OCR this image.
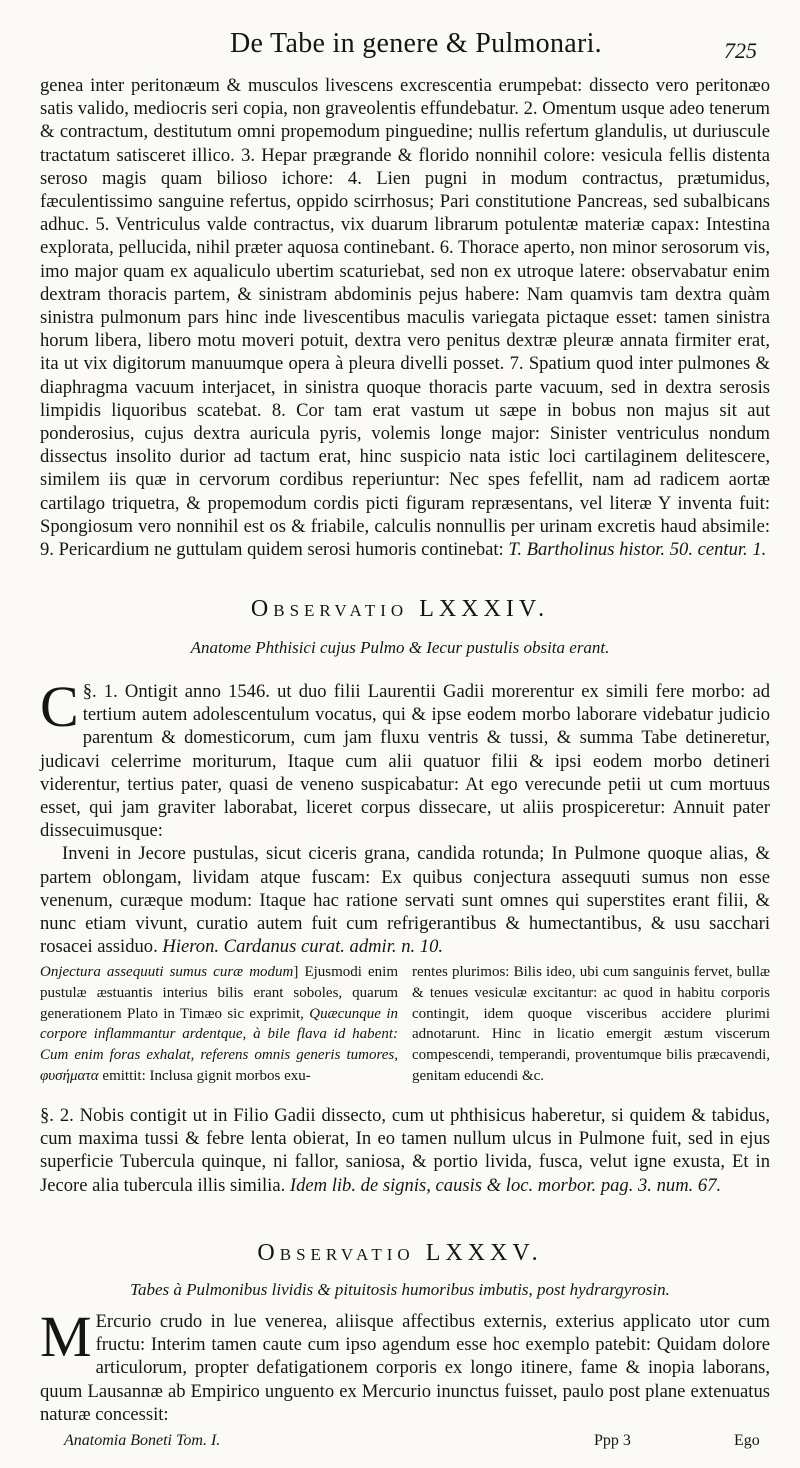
De Tabe in genere & Pulmonari.	725

genea inter peritonæum & musculos livescens excrescentia erumpebat: dissecto vero peritonæo satis valido, mediocris seri copia, non graveolentis effundebatur. 2. Omentum usque adeo tenerum & contractum, destitutum omni propemodum pinguedine; nullis refertum glandulis, ut duriuscule tractatum satisceret illico. 3. Hepar prægrande & florido nonnihil colore: vesicula fellis distenta seroso magis quam bilioso ichore: 4. Lien pugni in modum contractus, prætumidus, fæculentissimo sanguine refertus, oppido scirrhosus; Pari constitutione Pancreas, sed subalbicans adhuc. 5. Ventriculus valde contractus, vix duarum librarum potulentæ materiæ capax: Intestina explorata, pellucida, nihil præter aquosa continebant. 6. Thorace aperto, non minor serosorum vis, imo major quam ex aqualiculo ubertim scaturiebat, sed non ex utroque latere: observabatur enim dextram thoracis partem, & sinistram abdominis pejus habere: Nam quamvis tam dextra quàm sinistra pulmonum pars hinc inde livescentibus maculis variegata pictaque esset: tamen sinistra horum libera, libero motu moveri potuit, dextra vero penitus dextræ pleuræ annata firmiter erat, ita ut vix digitorum manuumque opera à pleura divelli posset. 7. Spatium quod inter pulmones & diaphragma vacuum interjacet, in sinistra quoque thoracis parte vacuum, sed in dextra serosis limpidis liquoribus scatebat. 8. Cor tam erat vastum ut sæpe in bobus non majus sit aut ponderosius, cujus dextra auricula pyris, volemis longe major: Sinister ventriculus nondum dissectus insolito durior ad tactum erat, hinc suspicio nata istic loci cartilaginem delitescere, similem iis quæ in cervorum cordibus reperiuntur: Nec spes fefellit, nam ad radicem aortæ cartilago triquetra, & propemodum cordis picti figuram repræsentans, vel literæ Y inventa fuit: Spongiosum vero nonnihil est os & friabile, calculis nonnullis per urinam excretis haud absimile: 9. Pericardium ne guttulam quidem serosi humoris continebat: T. Bartholinus histor. 50. centur. 1.

Observatio LXXXIV.
Anatome Phthisici cujus Pulmo & Iecur pustulis obsita erant.

§. 1.
C Ontigit anno 1546. ut duo filii Laurentii Gadii morerentur ex simili fere morbo: ad tertium autem adolescentulum vocatus, qui & ipse eodem morbo laborare videbatur judicio parentum & domesticorum, cum jam fluxu ventris & tussi, & summa Tabe detineretur, judicavi celerrime moriturum, Itaque cum alii quatuor filii & ipsi eodem morbo detineri viderentur, tertius pater, quasi de veneno suspicabatur: At ego verecunde petii ut cum mortuus esset, qui jam graviter laborabat, liceret corpus dissecare, ut aliis prospiceretur: Annuit pater dissecuimusque:

Inveni in Jecore pustulas, sicut ciceris grana, candida rotunda; In Pulmone quoque alias, & partem oblongam, lividam atque fuscam: Ex quibus conjectura assequuti sumus non esse venenum, curæque modum: Itaque hac ratione servati sunt omnes qui superstites erant filii, & nunc etiam vivunt, curatio autem fuit cum refrigerantibus & humectantibus, & usu sacchari rosacei assiduo. Hieron. Cardanus curat. admir. n. 10.

Onjectura assequuti sumus curæ modum] Ejusmodi enim pustulæ æstuantis interius bilis erant soboles, quarum generationem Plato in Timæo sic exprimit, Quæcunque in corpore inflammantur ardentque, à bile flava id habent: Cum enim foras exhalat, referens omnis generis tumores, φυσήματα emittit: Inclusa gignit morbos exu-

rentes plurimos: Bilis ideo, ubi cum sanguinis fervet, bullæ & tenues vesiculæ excitantur: ac quod in habitu corporis contingit, idem quoque visceribus accidere plurimi adnotarunt. Hinc in licatio emergit æstum viscerum compescendi, temperandi, proventumque bilis præcavendi, genitam educendi &c.

§. 2. Nobis contigit ut in Filio Gadii dissecto, cum ut phthisicus haberetur, si quidem & tabidus, cum maxima tussi & febre lenta obierat, In eo tamen nullum ulcus in Pulmone fuit, sed in ejus superficie Tubercula quinque, ni fallor, saniosa, & portio livida, fusca, velut igne exusta, Et in Jecore alia tubercula illis similia. Idem lib. de signis, causis & loc. morbor. pag. 3. num. 67.

Observatio LXXXV.
Tabes à Pulmonibus lividis & pituitosis humoribus imbutis, post hydrargyrosin.

M Ercurio crudo in lue venerea, aliisque affectibus externis, exterius applicato utor cum fructu: Interim tamen caute cum ipso agendum esse hoc exemplo patebit: Quidam dolore articulorum, propter defatigationem corporis ex longo itinere, fame & inopia laborans, quum Lausannæ ab Empirico unguento ex Mercurio inunctus fuisset, paulo post plane extenuatus naturæ concessit:

Anatomia Boneti Tom. I.	Ppp 3	Ego
